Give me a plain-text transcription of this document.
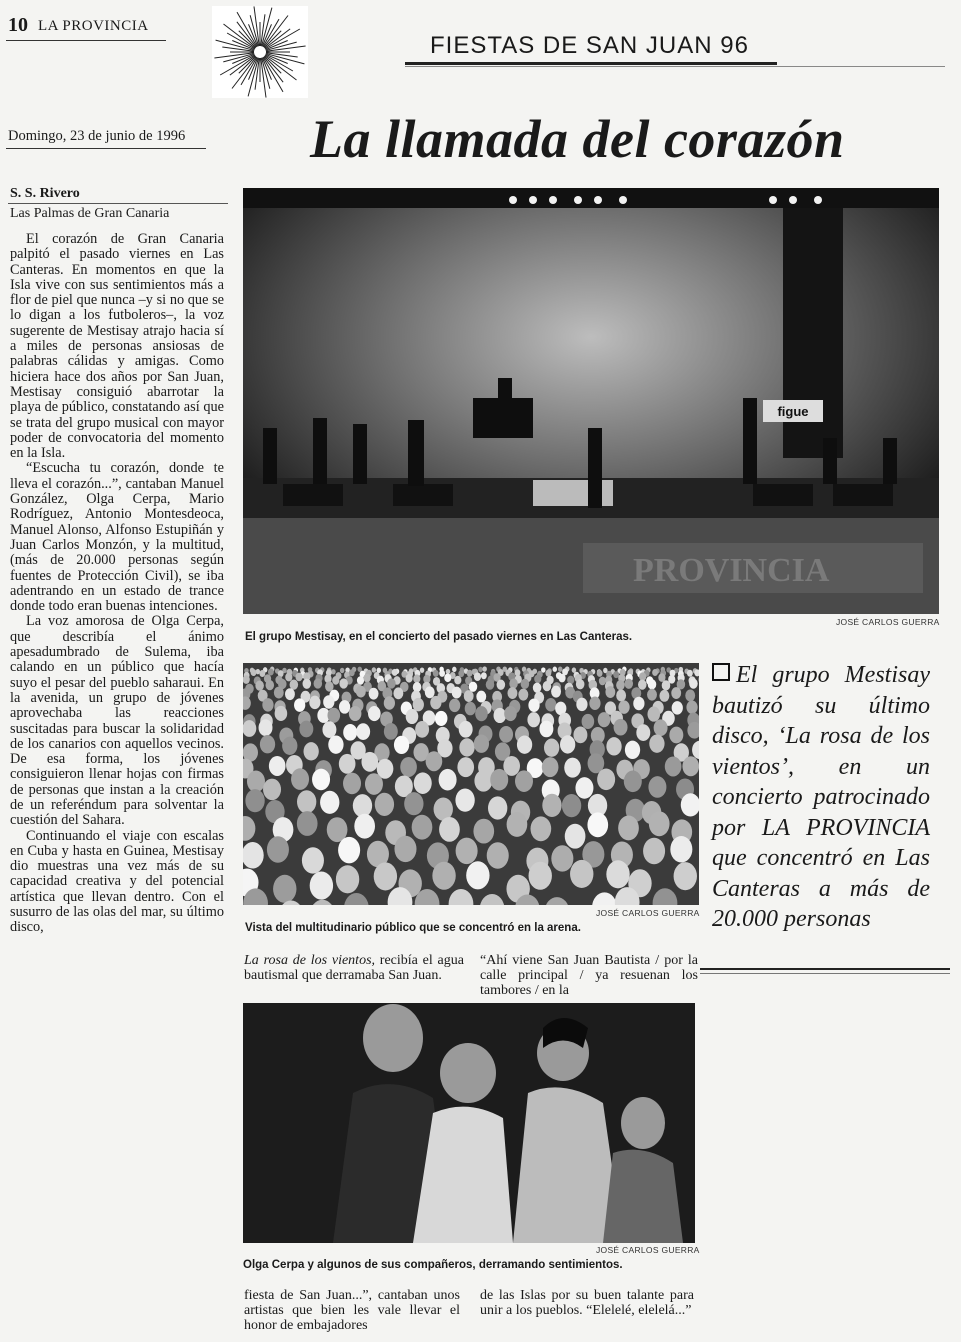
10 LA PROVINCIA
FIESTAS DE SAN JUAN 96
Domingo, 23 de junio de 1996 La llamada del corazón
S. S. Rivero
Las Palmas de Gran Canaria

El corazón de Gran Canaria palpitó el pasado viernes en Las Canteras. En momentos en que la Isla vive con sus sentimientos más a flor de piel que nunca –y si no que se lo digan a los futboleros–, la voz sugerente de Mestisay atrajo hacia sí a miles de personas ansiosas de palabras cálidas y amigas. Como hiciera hace dos años por San Juan, Mestisay consiguió abarrotar la playa de público, constatando así que se trata del grupo musical con mayor poder de convocatoria del momento en la Isla.

“Escucha tu corazón, donde te lleva el corazón...”, cantaban Manuel González, Olga Cerpa, Mario Rodríguez, Antonio Montesdeoca, Manuel Alonso, Alfonso Estupiñán y Juan Carlos Monzón, y la multitud, (más de 20.000 personas según fuentes de Protección Civil), se iba adentrando en un estado de trance donde todo eran buenas intenciones.

La voz amorosa de Olga Cerpa, que describía el ánimo apesadumbrado de Sulema, iba calando en un público que hacía suyo el pesar del pueblo saharaui. En la avenida, un grupo de jóvenes aprovechaba las reacciones suscitadas para buscar la solidaridad de los canarios con aquellos vecinos. De esa forma, los jóvenes consiguieron llenar hojas con firmas de personas que instan a la creación de un referéndum para solventar la cuestión del Sahara.

Continuando el viaje con escalas en Cuba y hasta en Guinea, Mestisay dio muestras una vez más de su capacidad creativa y del potencial artística que llevan dentro. Con el susurro de las olas del mar, su último disco,

figue
PROVINCIA
JOSÉ CARLOS GUERRA
El grupo Mestisay, en el concierto del pasado viernes en Las Canteras.
JOSÉ CARLOS GUERRA
Vista del multitudinario público que se concentró en la arena.
El grupo Mestisay bautizó su último disco, ‘La rosa de los vientos’, en un concierto patrocinado por LA PROVINCIA que concentró en Las Canteras a más de 20.000 personas

La rosa de los vientos, recibía el agua bautismal que derramaba San Juan.

“Ahí viene San Juan Bautista / por la calle principal / ya resuenan los tambores / en la

JOSÉ CARLOS GUERRA
Olga Cerpa y algunos de sus compañeros, derramando sentimientos.

fiesta de San Juan...”, cantaban unos artistas que bien les vale llevar el honor de embajadores

de las Islas por su buen talante para unir a los pueblos. “Elelelé, elelelá...”
